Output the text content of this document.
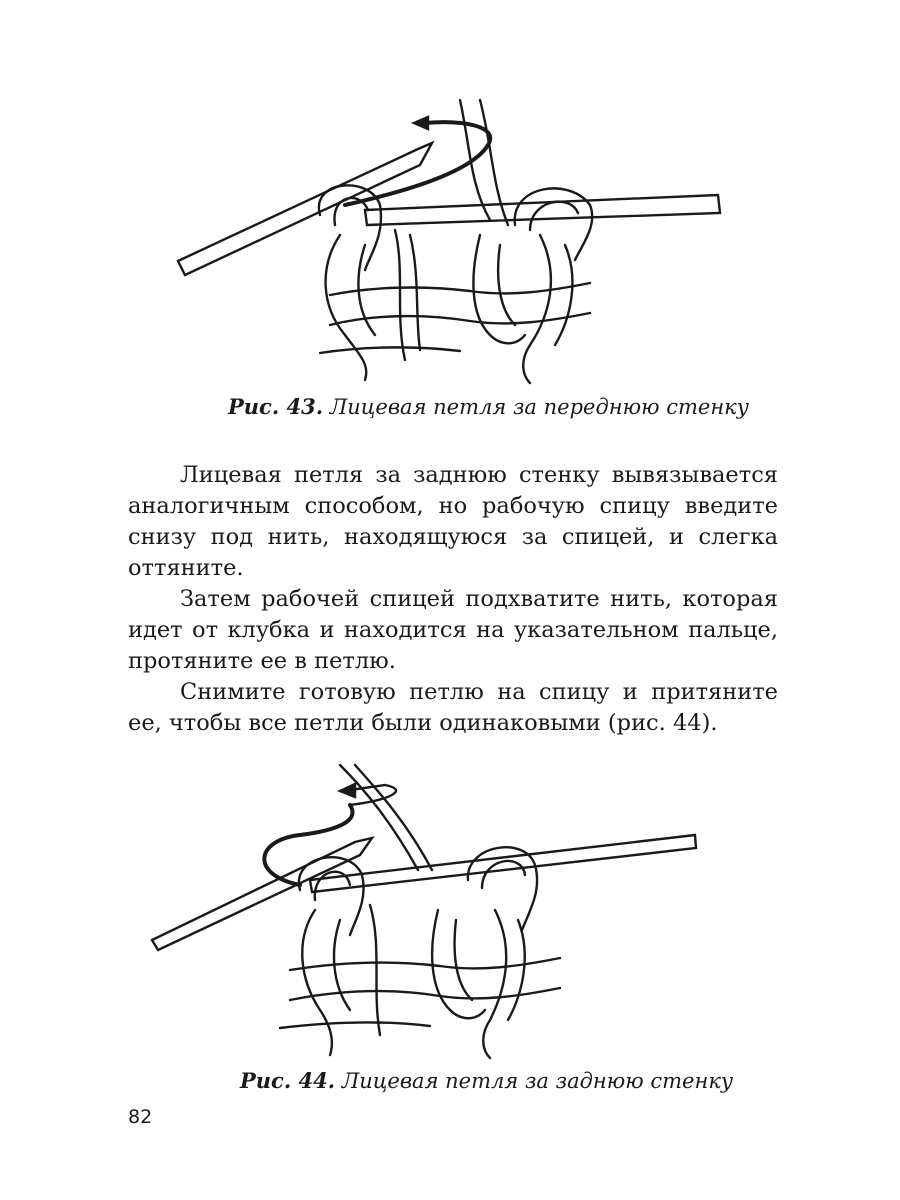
Рис. 43. Лицевая петля за переднюю стенку

Лицевая петля за заднюю стенку вывязывается аналогичным способом, но рабочую спицу введите снизу под нить, находящуюся за спицей, и слегка оттяните.

Затем рабочей спицей подхватите нить, которая идет от клубка и находится на указательном пальце, протяните ее в петлю.

Снимите готовую петлю на спицу и притяните ее, чтобы все петли были одинаковыми (рис. 44).

Рис. 44. Лицевая петля за заднюю стенку
82
